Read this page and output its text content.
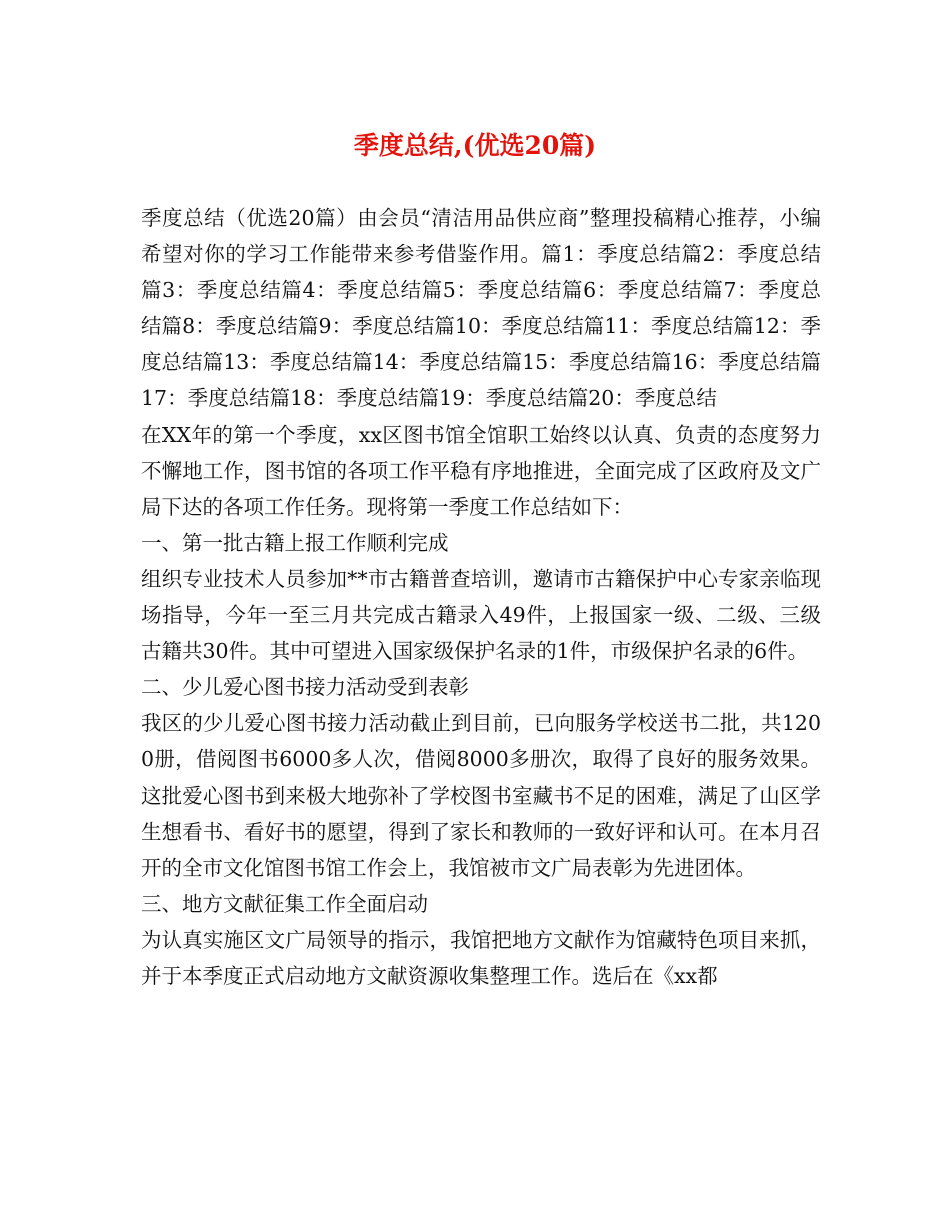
季度总结,(优选20篇)

季度总结（优选20篇）由会员“清洁用品供应商”整理投稿精心推荐，小编希望对你的学习工作能带来参考借鉴作用。篇1：季度总结篇2：季度总结篇3：季度总结篇4：季度总结篇5：季度总结篇6：季度总结篇7：季度总结篇8：季度总结篇9：季度总结篇10：季度总结篇11：季度总结篇12：季度总结篇13：季度总结篇14：季度总结篇15：季度总结篇16：季度总结篇17：季度总结篇18：季度总结篇19：季度总结篇20：季度总结

在XX年的第一个季度，xx区图书馆全馆职工始终以认真、负责的态度努力不懈地工作，图书馆的各项工作平稳有序地推进，全面完成了区政府及文广局下达的各项工作任务。现将第一季度工作总结如下：

一、第一批古籍上报工作顺利完成

组织专业技术人员参加**市古籍普查培训，邀请市古籍保护中心专家亲临现场指导，今年一至三月共完成古籍录入49件，上报国家一级、二级、三级古籍共30件。其中可望进入国家级保护名录的1件，市级保护名录的6件。

二、少儿爱心图书接力活动受到表彰

我区的少儿爱心图书接力活动截止到目前，已向服务学校送书二批，共1200册，借阅图书6000多人次，借阅8000多册次，取得了良好的服务效果。这批爱心图书到来极大地弥补了学校图书室藏书不足的困难，满足了山区学生想看书、看好书的愿望，得到了家长和教师的一致好评和认可。在本月召开的全市文化馆图书馆工作会上，我馆被市文广局表彰为先进团体。

三、地方文献征集工作全面启动

为认真实施区文广局领导的指示，我馆把地方文献作为馆藏特色项目来抓，并于本季度正式启动地方文献资源收集整理工作。选后在《xx都
